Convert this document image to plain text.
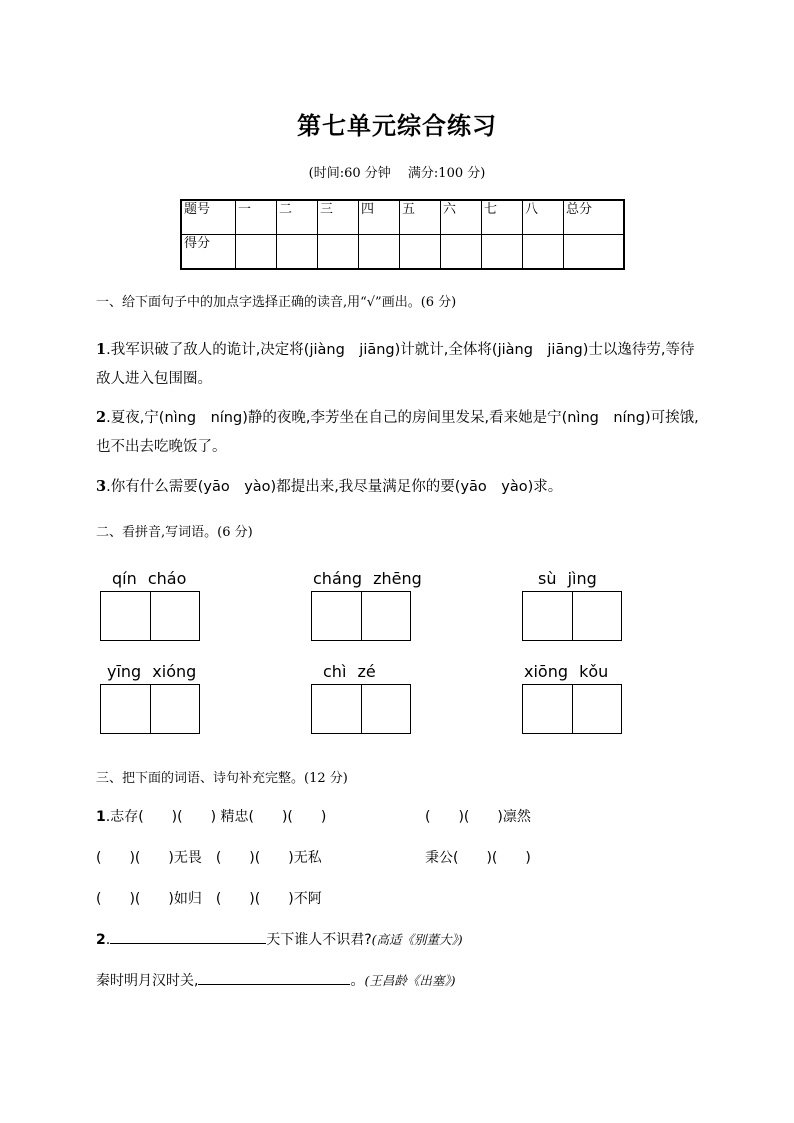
第七单元综合练习
(时间:60 分钟　 满分:100 分)
题号	一	二	三	四	五	六	七	八	总分
得分									
一、给下面句子中的加点字选择正确的读音,用“√”画出。(6 分)
1.我军识破了敌人的诡计,决定将(jiàng　jiāng)计就计,全体将(jiàng　jiāng)士以逸待劳,等待敌人进入包围圈。
2.夏夜,宁(nìng　níng)静的夜晚,李芳坐在自己的房间里发呆,看来她是宁(nìng　níng)可挨饿,也不出去吃晚饭了。
3.你有什么需要(yāo　yào)都提出来,我尽量满足你的要(yāo　yào)求。
二、看拼音,写词语。(6 分)
qín cháo	cháng zhēng	sù jìng
yīng xióng	chì zé	xiōng kǒu
三、把下面的词语、诗句补充完整。(12 分)
1.志存(　　)(　　) 精忠(　　)(　　)	(　　)(　　)凛然
(　　)(　　)无畏　(　　)(　　)无私	秉公(　　)(　　)
(　　)(　　)如归　(　　)(　　)不阿
2.	天下谁人不识君?(高适《别董大》)
秦时明月汉时关,	。(王昌龄《出塞》)
